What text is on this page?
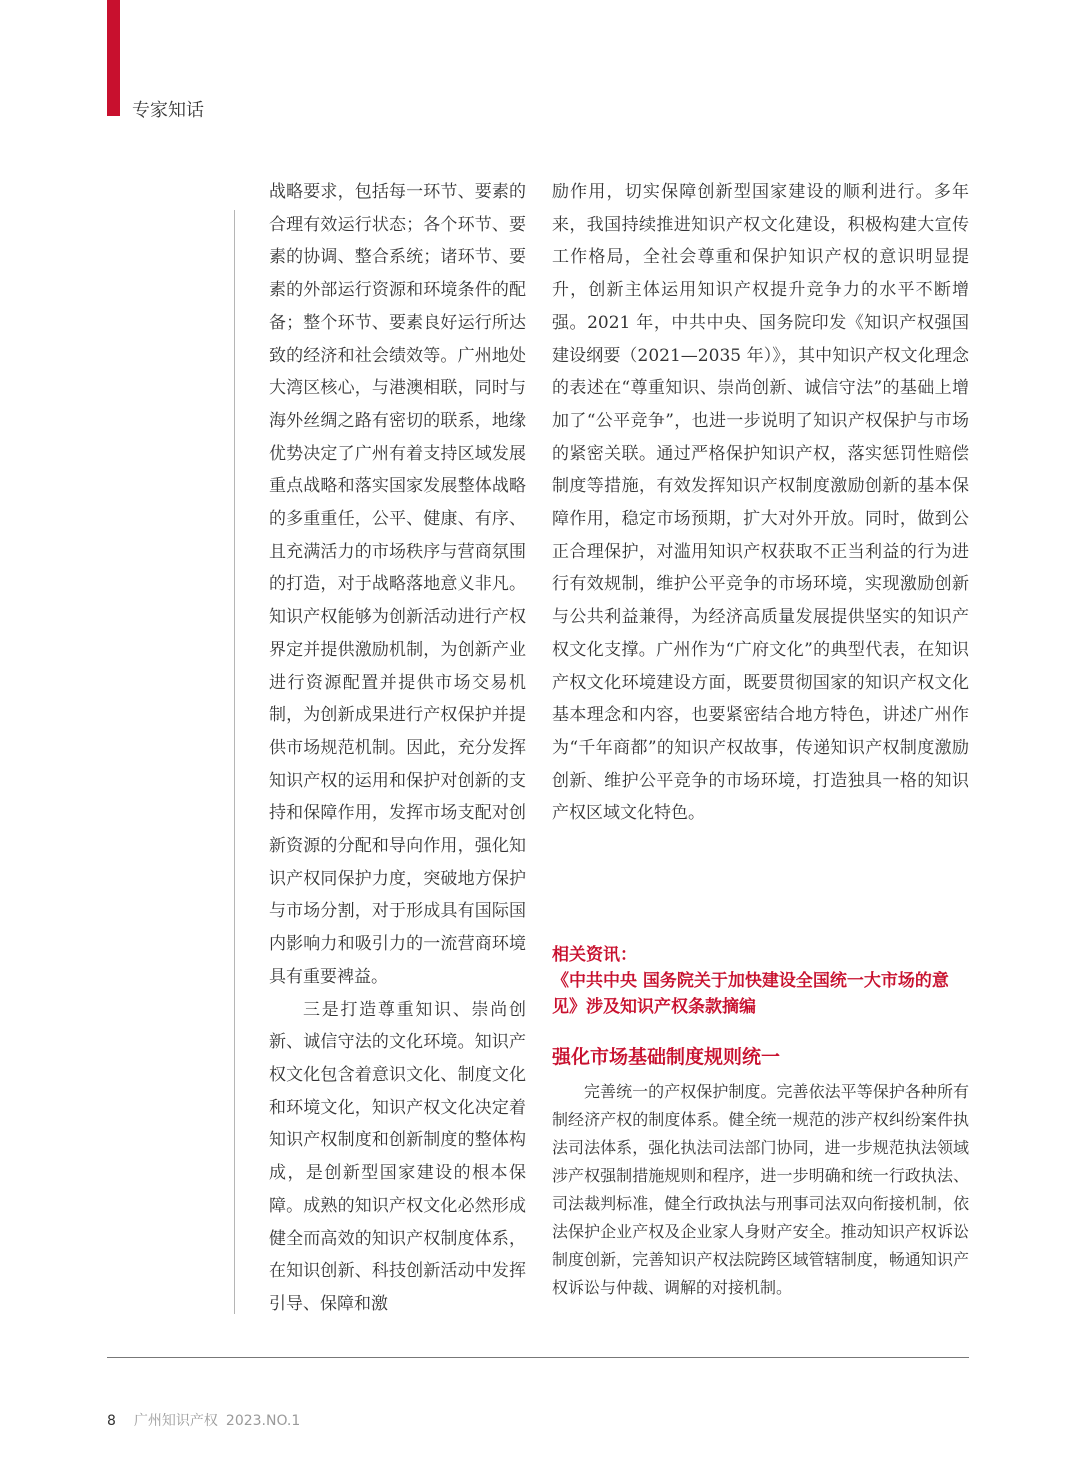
专家知话

战略要求，包括每一环节、要素的合理有效运行状态；各个环节、要素的协调、整合系统；诸环节、要素的外部运行资源和环境条件的配备；整个环节、要素良好运行所达致的经济和社会绩效等。广州地处大湾区核心，与港澳相联，同时与海外丝绸之路有密切的联系，地缘优势决定了广州有着支持区域发展重点战略和落实国家发展整体战略的多重重任，公平、健康、有序、且充满活力的市场秩序与营商氛围的打造，对于战略落地意义非凡。知识产权能够为创新活动进行产权界定并提供激励机制，为创新产业进行资源配置并提供市场交易机制，为创新成果进行产权保护并提供市场规范机制。因此，充分发挥知识产权的运用和保护对创新的支持和保障作用，发挥市场支配对创新资源的分配和导向作用，强化知识产权同保护力度，突破地方保护与市场分割，对于形成具有国际国内影响力和吸引力的一流营商环境具有重要裨益。

三是打造尊重知识、崇尚创新、诚信守法的文化环境。知识产权文化包含着意识文化、制度文化和环境文化，知识产权文化决定着知识产权制度和创新制度的整体构成，是创新型国家建设的根本保障。成熟的知识产权文化必然形成健全而高效的知识产权制度体系，在知识创新、科技创新活动中发挥引导、保障和激

励作用，切实保障创新型国家建设的顺利进行。多年来，我国持续推进知识产权文化建设，积极构建大宣传工作格局，全社会尊重和保护知识产权的意识明显提升，创新主体运用知识产权提升竞争力的水平不断增强。2021 年，中共中央、国务院印发《知识产权强国建设纲要（2021—2035 年）》，其中知识产权文化理念的表述在“尊重知识、崇尚创新、诚信守法”的基础上增加了“公平竞争”，也进一步说明了知识产权保护与市场的紧密关联。通过严格保护知识产权，落实惩罚性赔偿制度等措施，有效发挥知识产权制度激励创新的基本保障作用，稳定市场预期，扩大对外开放。同时，做到公正合理保护，对滥用知识产权获取不正当利益的行为进行有效规制，维护公平竞争的市场环境，实现激励创新与公共利益兼得，为经济高质量发展提供坚实的知识产权文化支撑。广州作为“广府文化”的典型代表，在知识产权文化环境建设方面，既要贯彻国家的知识产权文化基本理念和内容，也要紧密结合地方特色，讲述广州作为“千年商都”的知识产权故事，传递知识产权制度激励创新、维护公平竞争的市场环境，打造独具一格的知识产权区域文化特色。

相关资讯：

《中共中央 国务院关于加快建设全国统一大市场的意见》涉及知识产权条款摘编

强化市场基础制度规则统一

完善统一的产权保护制度。完善依法平等保护各种所有制经济产权的制度体系。健全统一规范的涉产权纠纷案件执法司法体系，强化执法司法部门协同，进一步规范执法领域涉产权强制措施规则和程序，进一步明确和统一行政执法、司法裁判标准，健全行政执法与刑事司法双向衔接机制，依法保护企业产权及企业家人身财产安全。推动知识产权诉讼制度创新，完善知识产权法院跨区域管辖制度，畅通知识产权诉讼与仲裁、调解的对接机制。

8 广州知识产权 2023.NO.1
